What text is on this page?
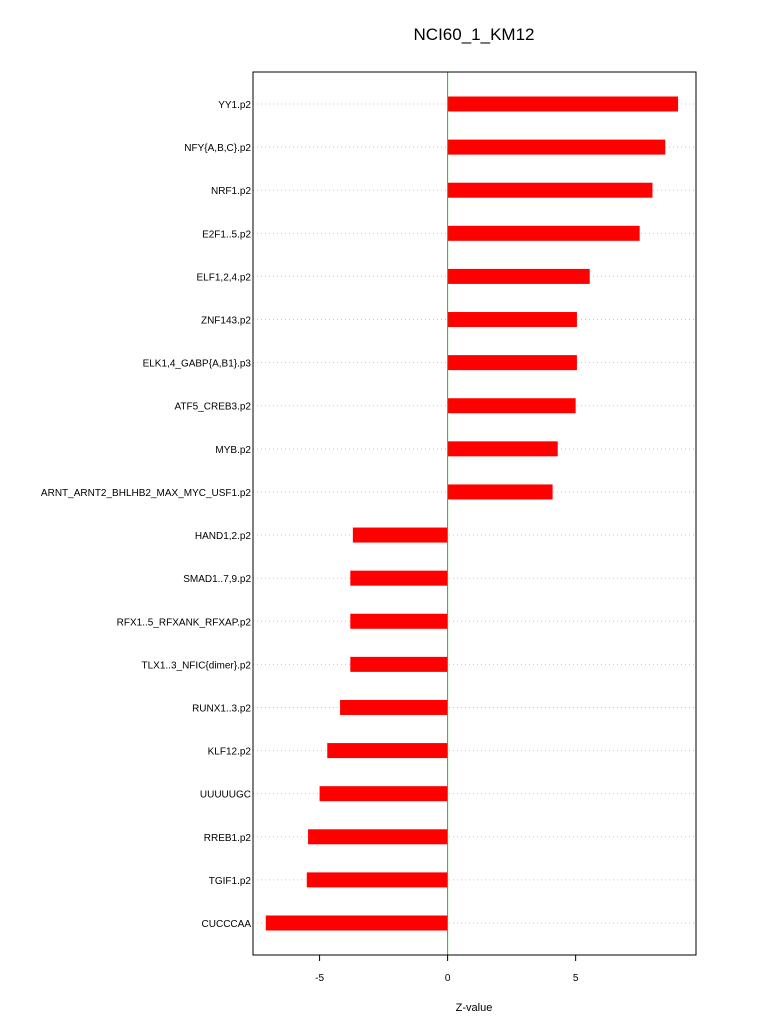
NCI60_1_KM12
YY1.p2
NFY{A,B,C}.p2
NRF1.p2
E2F1..5.p2
ELF1,2,4.p2
ZNF143.p2
ELK1,4_GABP{A,B1}.p3
ATF5_CREB3.p2
MYB.p2
ARNT_ARNT2_BHLHB2_MAX_MYC_USF1.p2
HAND1,2.p2
SMAD1..7,9.p2
RFX1..5_RFXANK_RFXAP.p2
TLX1..3_NFIC{dimer}.p2
RUNX1..3.p2
KLF12.p2
UUUUUGC
RREB1.p2
TGIF1.p2
CUCCCAA
-5	0	5
Z-value
